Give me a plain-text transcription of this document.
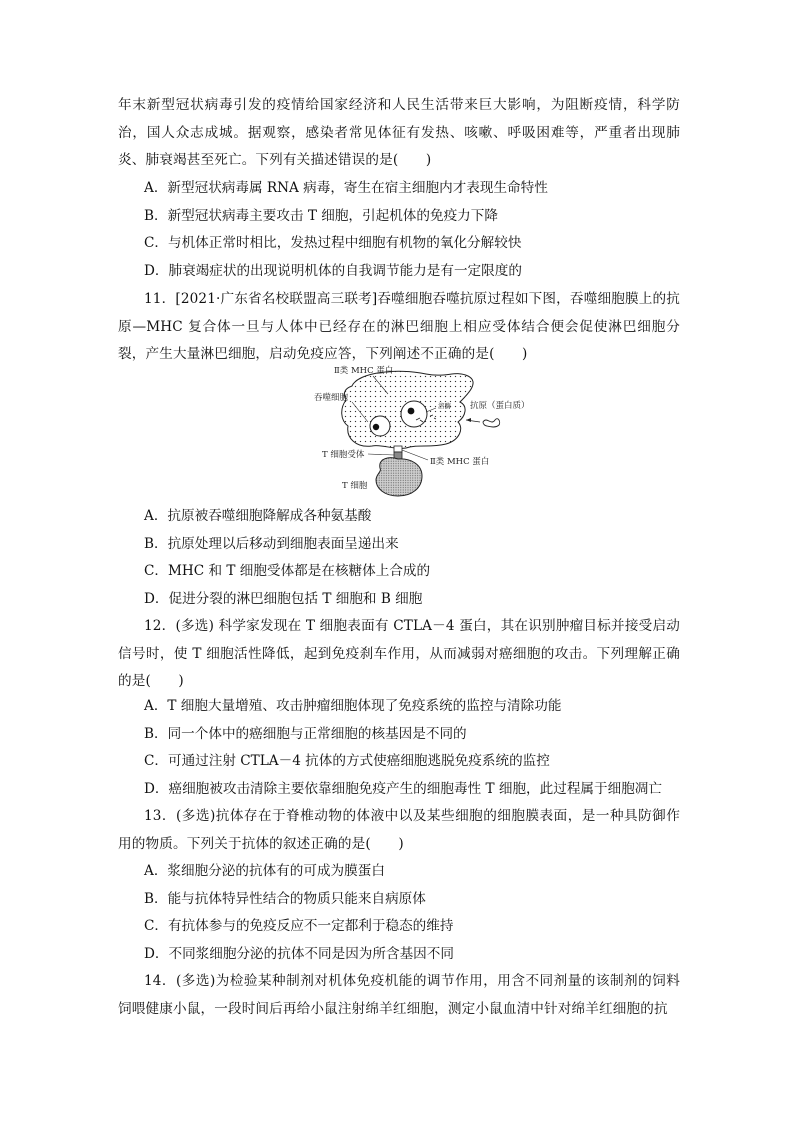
年末新型冠状病毒引发的疫情给国家经济和人民生活带来巨大影响，为阻断疫情，科学防治，国人众志成城。据观察，感染者常见体征有发热、咳嗽、呼吸困难等，严重者出现肺炎、肺衰竭甚至死亡。下列有关描述错误的是(　　)

A．新型冠状病毒属 RNA 病毒，寄生在宿主细胞内才表现生命特性

B．新型冠状病毒主要攻击 T 细胞，引起机体的免疫力下降

C．与机体正常时相比，发热过程中细胞有机物的氧化分解较快

D．肺衰竭症状的出现说明机体的自我调节能力是有一定限度的

11．[2021·广东省名校联盟高三联考]吞噬细胞吞噬抗原过程如下图，吞噬细胞膜上的抗原—MHC 复合体一旦与人体中已经存在的淋巴细胞上相应受体结合便会促使淋巴细胞分裂，产生大量淋巴细胞，启动免疫应答，下列阐述不正确的是(　　)

Ⅱ类 MHC 蛋白
吞噬细胞
溶酶 抗原（蛋白质）
T 细胞受体
Ⅱ类 MHC 蛋白
T 细胞

A．抗原被吞噬细胞降解成各种氨基酸

B．抗原处理以后移动到细胞表面呈递出来

C．MHC 和 T 细胞受体都是在核糖体上合成的

D．促进分裂的淋巴细胞包括 T 细胞和 B 细胞

12．(多选) 科学家发现在 T 细胞表面有 CTLA－4 蛋白，其在识别肿瘤目标并接受启动信号时，使 T 细胞活性降低，起到免疫刹车作用，从而减弱对癌细胞的攻击。下列理解正确的是(　　)

A．T 细胞大量增殖、攻击肿瘤细胞体现了免疫系统的监控与清除功能

B．同一个体中的癌细胞与正常细胞的核基因是不同的

C．可通过注射 CTLA－4 抗体的方式使癌细胞逃脱免疫系统的监控

D．癌细胞被攻击清除主要依靠细胞免疫产生的细胞毒性 T 细胞，此过程属于细胞凋亡

13．(多选)抗体存在于脊椎动物的体液中以及某些细胞的细胞膜表面，是一种具防御作用的物质。下列关于抗体的叙述正确的是(　　)

A．浆细胞分泌的抗体有的可成为膜蛋白

B．能与抗体特异性结合的物质只能来自病原体

C．有抗体参与的免疫反应不一定都利于稳态的维持

D．不同浆细胞分泌的抗体不同是因为所含基因不同

14．(多选)为检验某种制剂对机体免疫机能的调节作用，用含不同剂量的该制剂的饲料饲喂健康小鼠，一段时间后再给小鼠注射绵羊红细胞，测定小鼠血清中针对绵羊红细胞的抗
